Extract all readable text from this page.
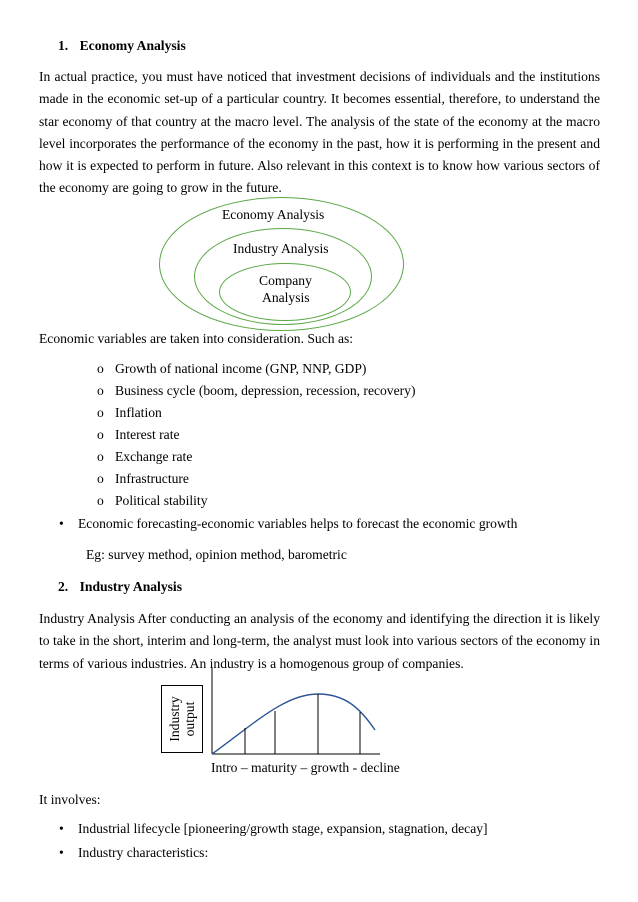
1. Economy Analysis

In actual practice, you must have noticed that investment decisions of individuals and the institutions made in the economic set-up of a particular country. It becomes essential, therefore, to understand the star economy of that country at the macro level. The analysis of the state of the economy at the macro level incorporates the performance of the economy in the past, how it is performing in the present and how it is expected to perform in future. Also relevant in this context is to know how various sectors of the economy are going to grow in the future.

Economy Analysis
Industry Analysis
Company
Analysis
Economic variables are taken into consideration. Such as:
o Growth of national income (GNP, NNP, GDP)
o Business cycle (boom, depression, recession, recovery)
o Inflation
o Interest rate
o Exchange rate
o Infrastructure
o Political stability
• Economic forecasting-economic variables helps to forecast the economic growth
Eg: survey method, opinion method, barometric
2. Industry Analysis

Industry Analysis After conducting an analysis of the economy and identifying the direction it is likely to take in the short, interim and long-term, the analyst must look into various sectors of the economy in terms of various industries. An industry is a homogenous group of companies.

Industry output
Intro – maturity – growth - decline
It involves:
• Industrial lifecycle [pioneering/growth stage, expansion, stagnation, decay]
• Industry characteristics:
